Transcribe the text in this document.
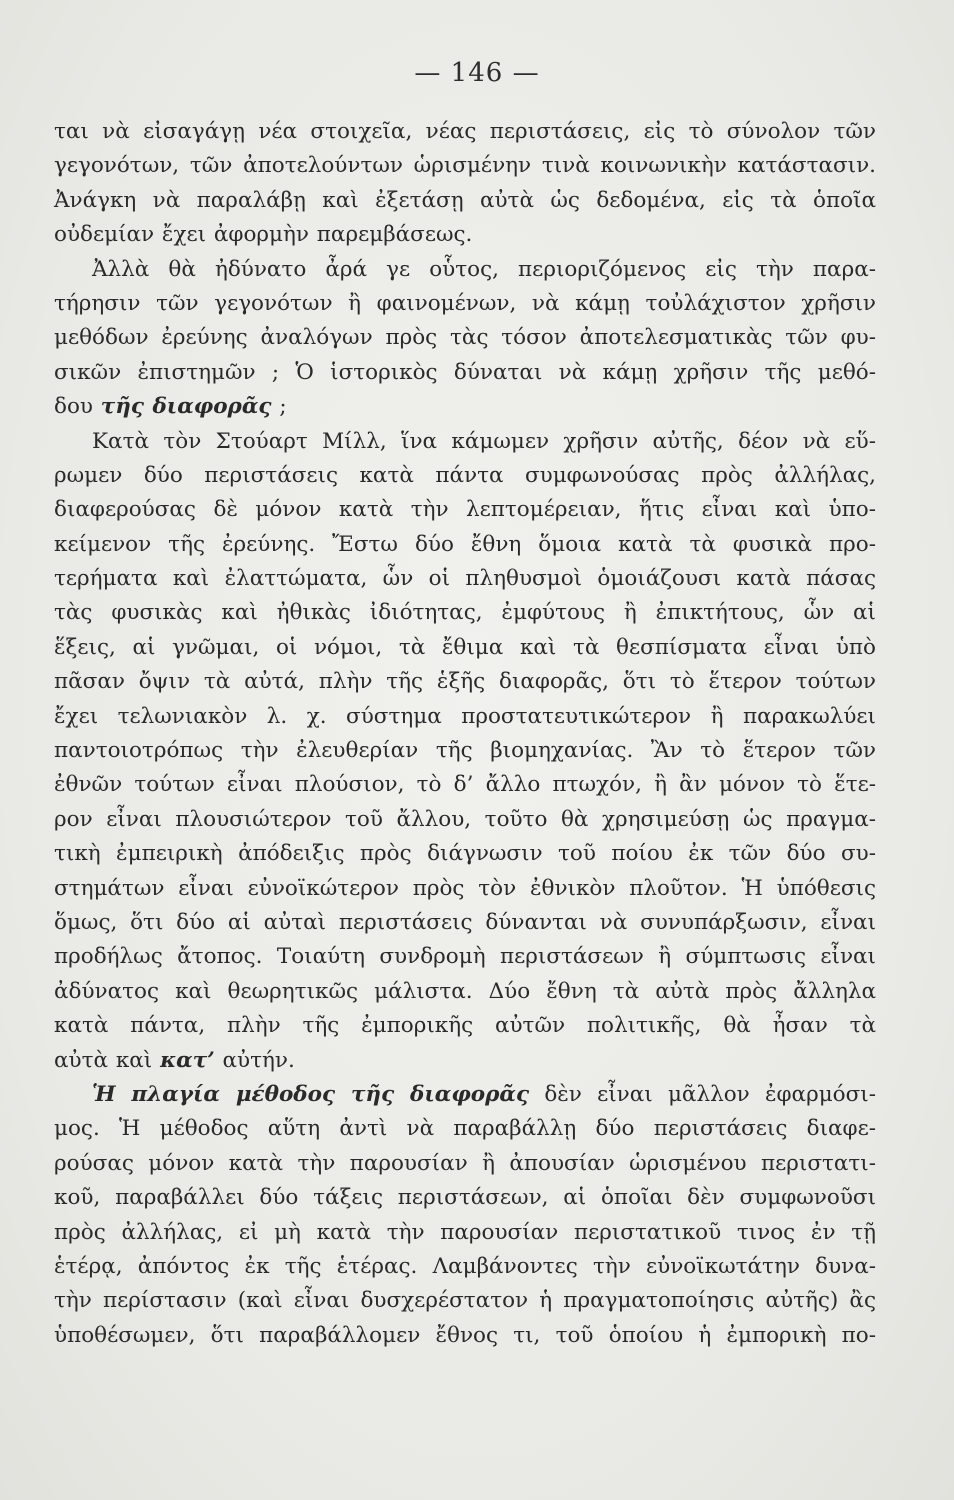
— 146 —
ται νὰ εἰσαγάγῃ νέα στοιχεῖα, νέας περιστάσεις, εἰς τὸ σύνολον τῶν
γεγονότων, τῶν ἀποτελούντων ὡρισμένην τινὰ κοινωνικὴν κατάστασιν.
Ἀνάγκη νὰ παραλάβῃ καὶ ἐξετάσῃ αὐτὰ ὡς δεδομένα, εἰς τὰ ὁποῖα
οὐδεμίαν ἔχει ἀφορμὴν παρεμβάσεως.
Ἀλλὰ θὰ ἠδύνατο ἆρά γε οὗτος, περιοριζόμενος εἰς τὴν παρα-
τήρησιν τῶν γεγονότων ἢ φαινομένων, νὰ κάμῃ τοὐλάχιστον χρῆσιν
μεθόδων ἐρεύνης ἀναλόγων πρὸς τὰς τόσον ἀποτελεσματικὰς τῶν φυ-
σικῶν ἐπιστημῶν ; Ὁ ἱστορικὸς δύναται νὰ κάμῃ χρῆσιν τῆς μεθό-
δου τῆς διαφορᾶς ;
Κατὰ τὸν Στούαρτ Μίλλ, ἵνα κάμωμεν χρῆσιν αὐτῆς, δέον νὰ εὕ-
ρωμεν δύο περιστάσεις κατὰ πάντα συμφωνούσας πρὸς ἀλλήλας,
διαφερούσας δὲ μόνον κατὰ τὴν λεπτομέρειαν, ἥτις εἶναι καὶ ὑπο-
κείμενον τῆς ἐρεύνης. Ἔστω δύο ἔθνη ὅμοια κατὰ τὰ φυσικὰ προ-
τερήματα καὶ ἐλαττώματα, ὧν οἱ πληθυσμοὶ ὁμοιάζουσι κατὰ πάσας
τὰς φυσικὰς καὶ ἠθικὰς ἰδιότητας, ἐμφύτους ἢ ἐπικτήτους, ὧν αἱ
ἕξεις, αἱ γνῶμαι, οἱ νόμοι, τὰ ἔθιμα καὶ τὰ θεσπίσματα εἶναι ὑπὸ
πᾶσαν ὄψιν τὰ αὐτά, πλὴν τῆς ἑξῆς διαφορᾶς, ὅτι τὸ ἕτερον τούτων
ἔχει τελωνιακὸν λ. χ. σύστημα προστατευτικώτερον ἢ παρακωλύει
παντοιοτρόπως τὴν ἐλευθερίαν τῆς βιομηχανίας. Ἂν τὸ ἕτερον τῶν
ἐθνῶν τούτων εἶναι πλούσιον, τὸ δ’ ἄλλο πτωχόν, ἢ ἂν μόνον τὸ ἕτε-
ρον εἶναι πλουσιώτερον τοῦ ἄλλου, τοῦτο θὰ χρησιμεύσῃ ὡς πραγμα-
τικὴ ἐμπειρικὴ ἀπόδειξις πρὸς διάγνωσιν τοῦ ποίου ἐκ τῶν δύο συ-
στημάτων εἶναι εὐνοϊκώτερον πρὸς τὸν ἐθνικὸν πλοῦτον. Ἡ ὑπόθεσις
ὅμως, ὅτι δύο αἱ αὐταὶ περιστάσεις δύνανται νὰ συνυπάρξωσιν, εἶναι
προδήλως ἄτοπος. Τοιαύτη συνδρομὴ περιστάσεων ἢ σύμπτωσις εἶναι
ἀδύνατος καὶ θεωρητικῶς μάλιστα. Δύο ἔθνη τὰ αὐτὰ πρὸς ἄλληλα
κατὰ πάντα, πλὴν τῆς ἐμπορικῆς αὐτῶν πολιτικῆς, θὰ ἦσαν τὰ
αὐτὰ καὶ κατ’ αὐτήν.
Ἡ πλαγία μέθοδος τῆς διαφορᾶς δὲν εἶναι μᾶλλον ἐφαρμόσι-
μος. Ἡ μέθοδος αὕτη ἀντὶ νὰ παραβάλλῃ δύο περιστάσεις διαφε-
ρούσας μόνον κατὰ τὴν παρουσίαν ἢ ἀπουσίαν ὡρισμένου περιστατι-
κοῦ, παραβάλλει δύο τάξεις περιστάσεων, αἱ ὁποῖαι δὲν συμφωνοῦσι
πρὸς ἀλλήλας, εἰ μὴ κατὰ τὴν παρουσίαν περιστατικοῦ τινος ἐν τῇ
ἑτέρᾳ, ἀπόντος ἐκ τῆς ἑτέρας. Λαμβάνοντες τὴν εὐνοϊκωτάτην δυνα-
τὴν περίστασιν (καὶ εἶναι δυσχερέστατον ἡ πραγματοποίησις αὐτῆς) ἂς
ὑποθέσωμεν, ὅτι παραβάλλομεν ἔθνος τι, τοῦ ὁποίου ἡ ἐμπορικὴ πο-
